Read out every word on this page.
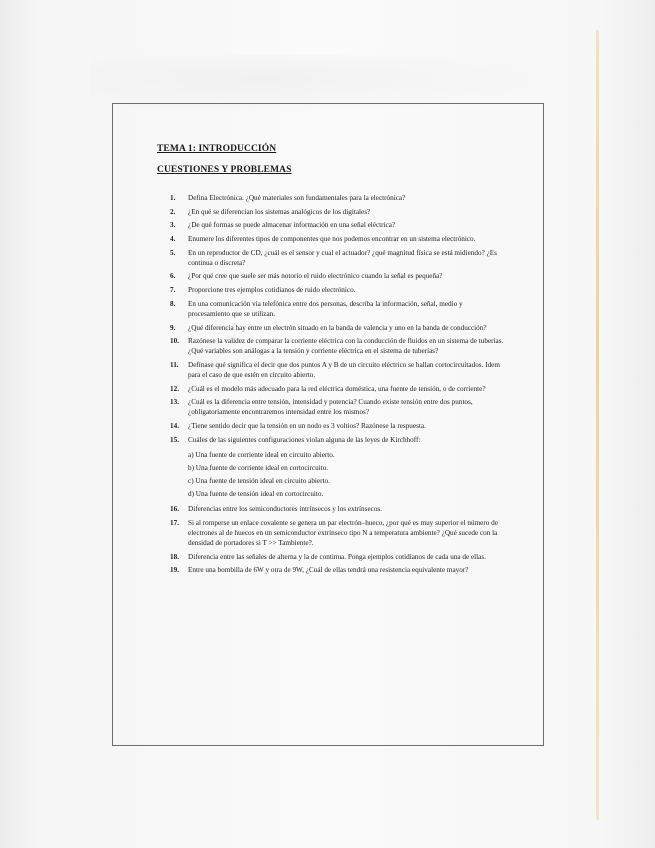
TEMA 1: INTRODUCCIÓN
CUESTIONES Y PROBLEMAS
1.	Defina Electrónica. ¿Qué materiales son fundamentales para la electrónica?
2.	¿En qué se diferencian los sistemas analógicos de los digitales?
3.	¿De qué formas se puede almacenar información en una señal eléctrica?
4.	Enumere los diferentes tipos de componentes que nos podemos encontrar en un sistema electrónico.
5.	En un reproductor de CD, ¿cuál es el sensor y cual el actuador? ¿qué magnitud física se está midiendo? ¿Es continua o discreta?
6.	¿Por qué cree que suele ser más notorio el ruido electrónico cuando la señal es pequeña?
7.	Proporcione tres ejemplos cotidianos de ruido electrónico.
8.	En una comunicación vía telefónica entre dos personas, describa la información, señal, medio y procesamiento que se utilizan.
9.	¿Qué diferencia hay entre un electrón situado en la banda de valencia y uno en la banda de conducción?
10.	Razónese la validez de comparar la corriente eléctrica con la conducción de fluidos en un sistema de tuberías. ¿Qué variables son análogas a la tensión y corriente eléctrica en el sistema de tuberías?
11.	Defínase qué significa el decir que dos puntos A y B de un circuito eléctrico se hallan cortocircuitados. Idem para el caso de que estén en circuito abierto.
12.	¿Cuál es el modelo más adecuado para la red eléctrica doméstica, una fuente de tensión, o de corriente?
13.	¿Cuál es la diferencia entre tensión, intensidad y potencia? Cuando existe tensión entre dos puntos, ¿obligatoriamente encontraremos intensidad entre los mismos?
14.	¿Tiene sentido decir que la tensión en un nodo es 3 voltios? Razónese la respuesta.
15.	Cuáles de las siguientes configuraciones violan alguna de las leyes de Kirchhoff:
a) Una fuente de corriente ideal en circuito abierto.
b) Una fuente de corriente ideal en cortocircuito.
c) Una fuente de tensión ideal en circuito abierto.
d) Una fuente de tensión ideal en cortocircuito.
16.	Diferencias entre los semiconductores intrínsecos y los extrínsecos.
17.	Si al romperse un enlace covalente se genera un par electrón–hueco, ¿por qué es muy superior el número de electrones al de huecos en un semiconductor extrínseco tipo N a temperatura ambiente? ¿Qué sucede con la densidad de portadores si T >> Tambiente?.
18.	Diferencia entre las señales de alterna y la de continua. Ponga ejemplos cotidianos de cada una de ellas.
19.	Entre una bombilla de 6W y otra de 9W, ¿Cuál de ellas tendrá una resistencia equivalente mayor?
